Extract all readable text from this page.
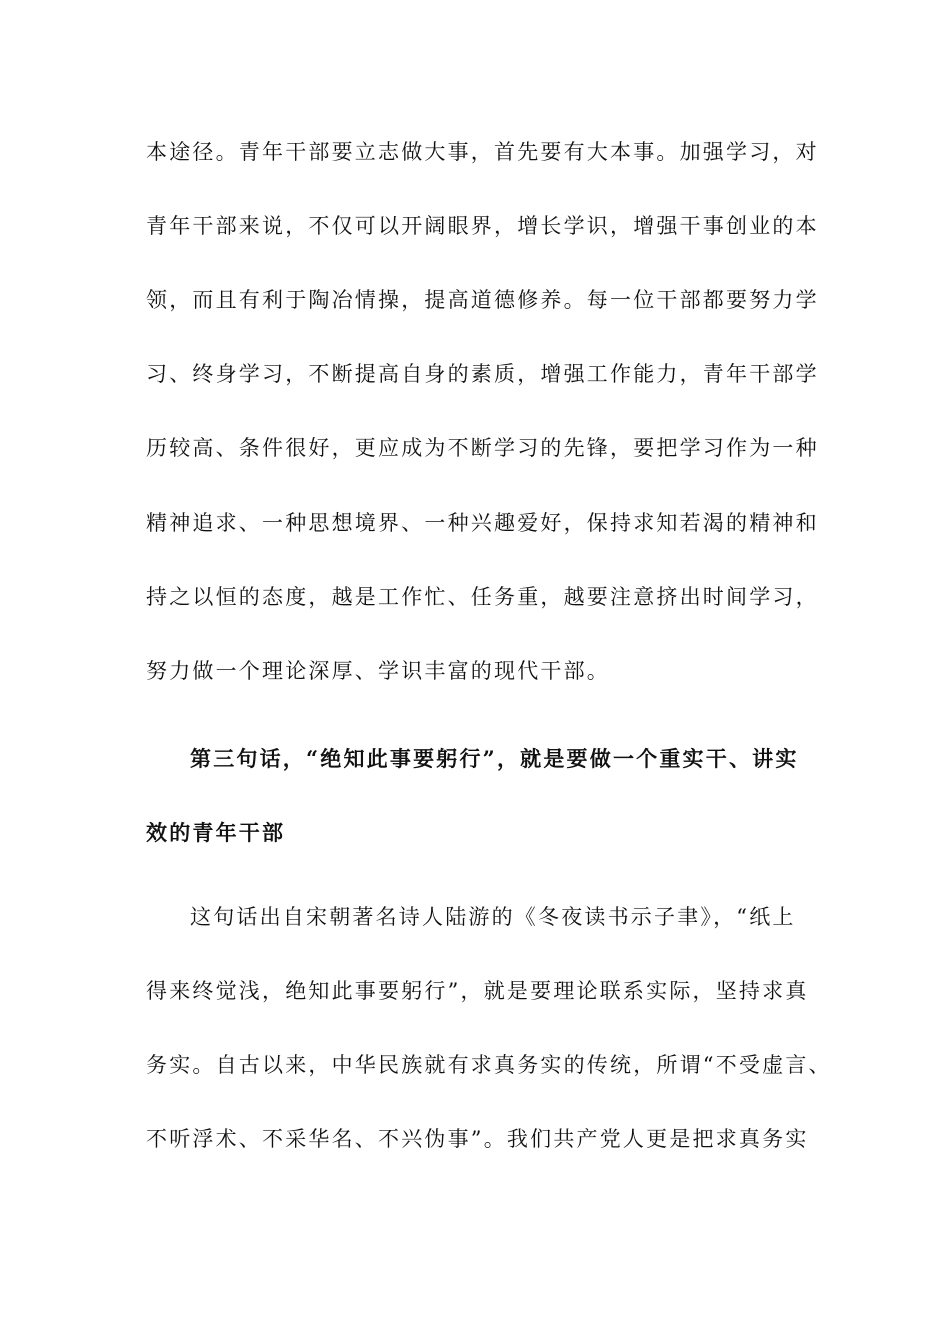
本途径。青年干部要立志做大事，首先要有大本事。加强学习，对
青年干部来说，不仅可以开阔眼界，增长学识，增强干事创业的本
领，而且有利于陶冶情操，提高道德修养。每一位干部都要努力学
习、终身学习，不断提高自身的素质，增强工作能力，青年干部学
历较高、条件很好，更应成为不断学习的先锋，要把学习作为一种
精神追求、一种思想境界、一种兴趣爱好，保持求知若渴的精神和
持之以恒的态度，越是工作忙、任务重，越要注意挤出时间学习，
努力做一个理论深厚、学识丰富的现代干部。
第三句话，“绝知此事要躬行”，就是要做一个重实干、讲实
效的青年干部
这句话出自宋朝著名诗人陆游的《冬夜读书示子聿》，“纸上
得来终觉浅，绝知此事要躬行”，就是要理论联系实际，坚持求真
务实。自古以来，中华民族就有求真务实的传统，所谓“不受虚言、
不听浮术、不采华名、不兴伪事”。我们共产党人更是把求真务实
